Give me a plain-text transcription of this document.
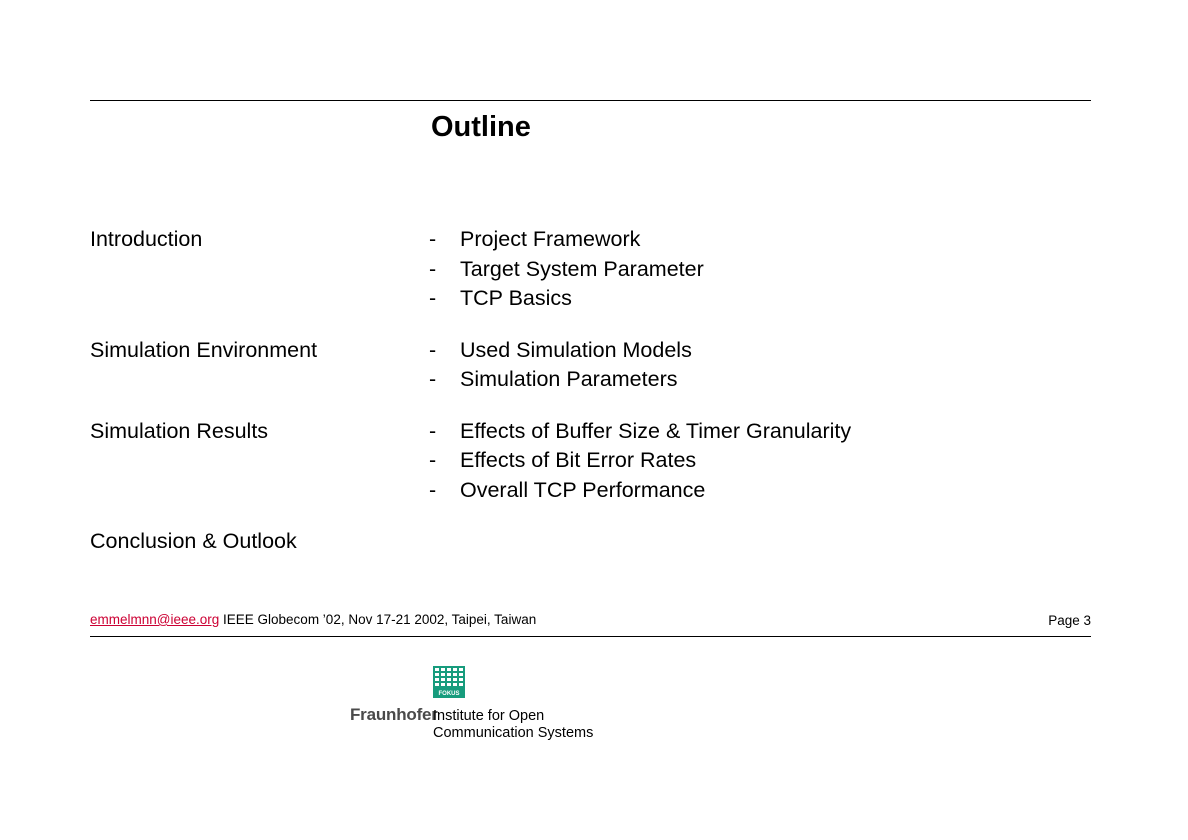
Outline
Introduction	- Project Framework
- Target System Parameter
- TCP Basics
Simulation Environment	- Used Simulation Models
- Simulation Parameters
Simulation Results	- Effects of Buffer Size & Timer Granularity
- Effects of Bit Error Rates
- Overall TCP Performance
Conclusion & Outlook
emmelmnn@ieee.org IEEE Globecom ’02, Nov 17-21 2002, Taipei, Taiwan	Page 3
FOKUS
Fraunhofer
Institute for Open
Communication Systems
